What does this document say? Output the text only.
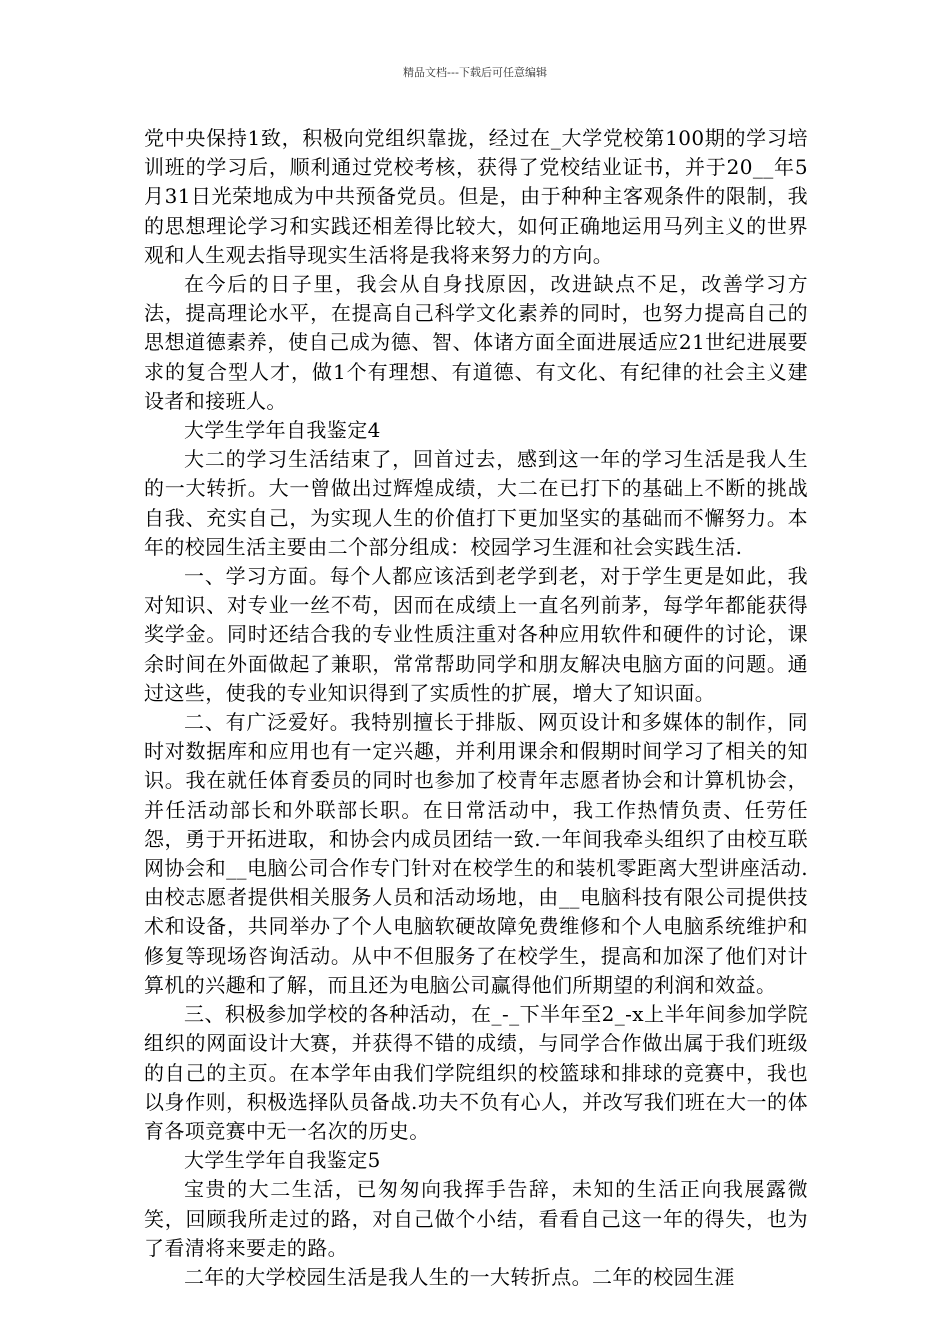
精品文档---下载后可任意编辑

党中央保持1致，积极向党组织靠拢，经过在_大学党校第100期的学习培训班的学习后，顺利通过党校考核，获得了党校结业证书，并于20__年5月31日光荣地成为中共预备党员。但是，由于种种主客观条件的限制，我的思想理论学习和实践还相差得比较大，如何正确地运用马列主义的世界观和人生观去指导现实生活将是我将来努力的方向。

在今后的日子里，我会从自身找原因，改进缺点不足，改善学习方法，提高理论水平，在提高自己科学文化素养的同时，也努力提高自己的思想道德素养，使自己成为德、智、体诸方面全面进展适应21世纪进展要求的复合型人才，做1个有理想、有道德、有文化、有纪律的社会主义建设者和接班人。

大学生学年自我鉴定4

大二的学习生活结束了，回首过去，感到这一年的学习生活是我人生的一大转折。大一曾做出过辉煌成绩，大二在已打下的基础上不断的挑战自我、充实自己，为实现人生的价值打下更加坚实的基础而不懈努力。本年的校园生活主要由二个部分组成：校园学习生涯和社会实践生活.

一、学习方面。每个人都应该活到老学到老，对于学生更是如此，我对知识、对专业一丝不苟，因而在成绩上一直名列前茅，每学年都能获得奖学金。同时还结合我的专业性质注重对各种应用软件和硬件的讨论，课余时间在外面做起了兼职，常常帮助同学和朋友解决电脑方面的问题。通过这些，使我的专业知识得到了实质性的扩展，增大了知识面。

二、有广泛爱好。我特别擅长于排版、网页设计和多媒体的制作，同时对数据库和应用也有一定兴趣，并利用课余和假期时间学习了相关的知识。我在就任体育委员的同时也参加了校青年志愿者协会和计算机协会，并任活动部长和外联部长职。在日常活动中，我工作热情负责、任劳任怨，勇于开拓进取，和协会内成员团结一致.一年间我牵头组织了由校互联网协会和__电脑公司合作专门针对在校学生的和装机零距离大型讲座活动.由校志愿者提供相关服务人员和活动场地，由__电脑科技有限公司提供技术和设备，共同举办了个人电脑软硬故障免费维修和个人电脑系统维护和修复等现场咨询活动。从中不但服务了在校学生，提高和加深了他们对计算机的兴趣和了解，而且还为电脑公司赢得他们所期望的利润和效益。

三、积极参加学校的各种活动，在_-_下半年至2_-x上半年间参加学院组织的网面设计大赛，并获得不错的成绩，与同学合作做出属于我们班级的自己的主页。在本学年由我们学院组织的校篮球和排球的竞赛中，我也以身作则，积极选择队员备战.功夫不负有心人，并改写我们班在大一的体育各项竞赛中无一名次的历史。

大学生学年自我鉴定5

宝贵的大二生活，已匆匆向我挥手告辞，未知的生活正向我展露微笑，回顾我所走过的路，对自己做个小结，看看自己这一年的得失，也为了看清将来要走的路。

二年的大学校园生活是我人生的一大转折点。二年的校园生涯
